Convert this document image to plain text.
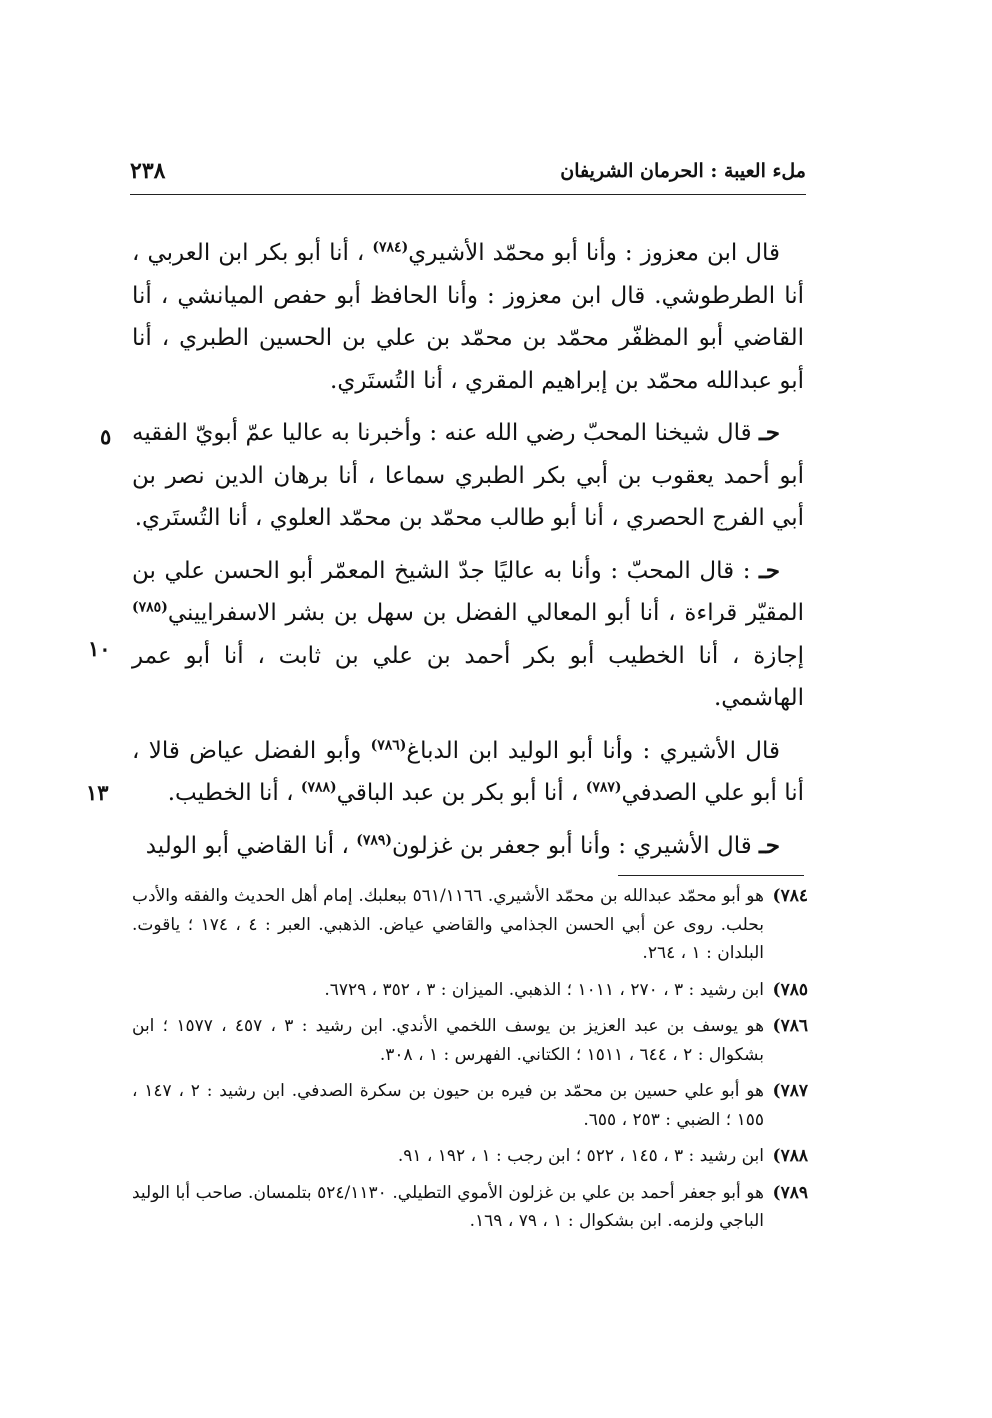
ملء العيبة : الحرمان الشريفان
٢٣٨

قال ابن معزوز : وأنا أبو محمّد الأشيري$^{(٧٨٤)}$ ، أنا أبو بكر ابن العربي ، أنا الطرطوشي. قال ابن معزوز : وأنا الحافظ أبو حفص الميانشي ، أنا القاضي أبو المظفّر محمّد بن محمّد بن علي بن الحسين الطبري ، أنا أبو عبدالله محمّد بن إبراهيم المقري ، أنا التُستَري.

حـ قال شيخنا المحبّ رضي الله عنه : وأخبرنا به عاليا عمّ أبويّ الفقيه أبو أحمد يعقوب بن أبي بكر الطبري سماعا ، أنا برهان الدين نصر بن أبي الفرج الحصري ، أنا أبو طالب محمّد بن محمّد العلوي ، أنا التُستَري.

حـ : قال المحبّ : وأنا به عاليًا جدّ الشيخ المعمّر أبو الحسن علي بن المقيّر قراءة ، أنا أبو المعالي الفضل بن سهل بن بشر الاسفراييني$^{(٧٨٥)}$ إجازة ، أنا الخطيب أبو بكر أحمد بن علي بن ثابت ، أنا أبو عمر الهاشمي.

قال الأشيري : وأنا أبو الوليد ابن الدباغ$^{(٧٨٦)}$ وأبو الفضل عياض قالا ، أنا أبو علي الصدفي$^{(٧٨٧)}$ ، أنا أبو بكر بن عبد الباقي$^{(٧٨٨)}$ ، أنا الخطيب.

حـ قال الأشيري : وأنا أبو جعفر بن غزلون$^{(٧٨٩)}$ ، أنا القاضي أبو الوليد

٥
١٠
١٣
٧٨٤)
هو أبو محمّد عبدالله بن محمّد الأشيري. ٥٦١/١١٦٦ ببعلبك. إمام أهل الحديث والفقه والأدب بحلب. روى عن أبي الحسن الجذامي والقاضي عياض. الذهبي. العبر : ٤ ، ١٧٤ ؛ ياقوت. البلدان : ١ ، ٢٦٤.
٧٨٥)
ابن رشيد : ٣ ، ٢٧٠ ، ١٠١١ ؛ الذهبي. الميزان : ٣ ، ٣٥٢ ، ٦٧٢٩.
٧٨٦)
هو يوسف بن عبد العزيز بن يوسف اللخمي الأندي. ابن رشيد : ٣ ، ٤٥٧ ، ١٥٧٧ ؛ ابن بشكوال : ٢ ، ٦٤٤ ، ١٥١١ ؛ الكتاني. الفهرس : ١ ، ٣٠٨.
٧٨٧)
هو أبو علي حسين بن محمّد بن فيره بن حيون بن سكرة الصدفي. ابن رشيد : ٢ ، ١٤٧ ، ١٥٥ ؛ الضبي : ٢٥٣ ، ٦٥٥.
٧٨٨)
ابن رشيد : ٣ ، ١٤٥ ، ٥٢٢ ؛ ابن رجب : ١ ، ١٩٢ ، ٩١.
٧٨٩)
هو أبو جعفر أحمد بن علي بن غزلون الأموي التطيلي. ٥٢٤/١١٣٠ بتلمسان. صاحب أبا الوليد الباجي ولزمه. ابن بشكوال : ١ ، ٧٩ ، ١٦٩.
